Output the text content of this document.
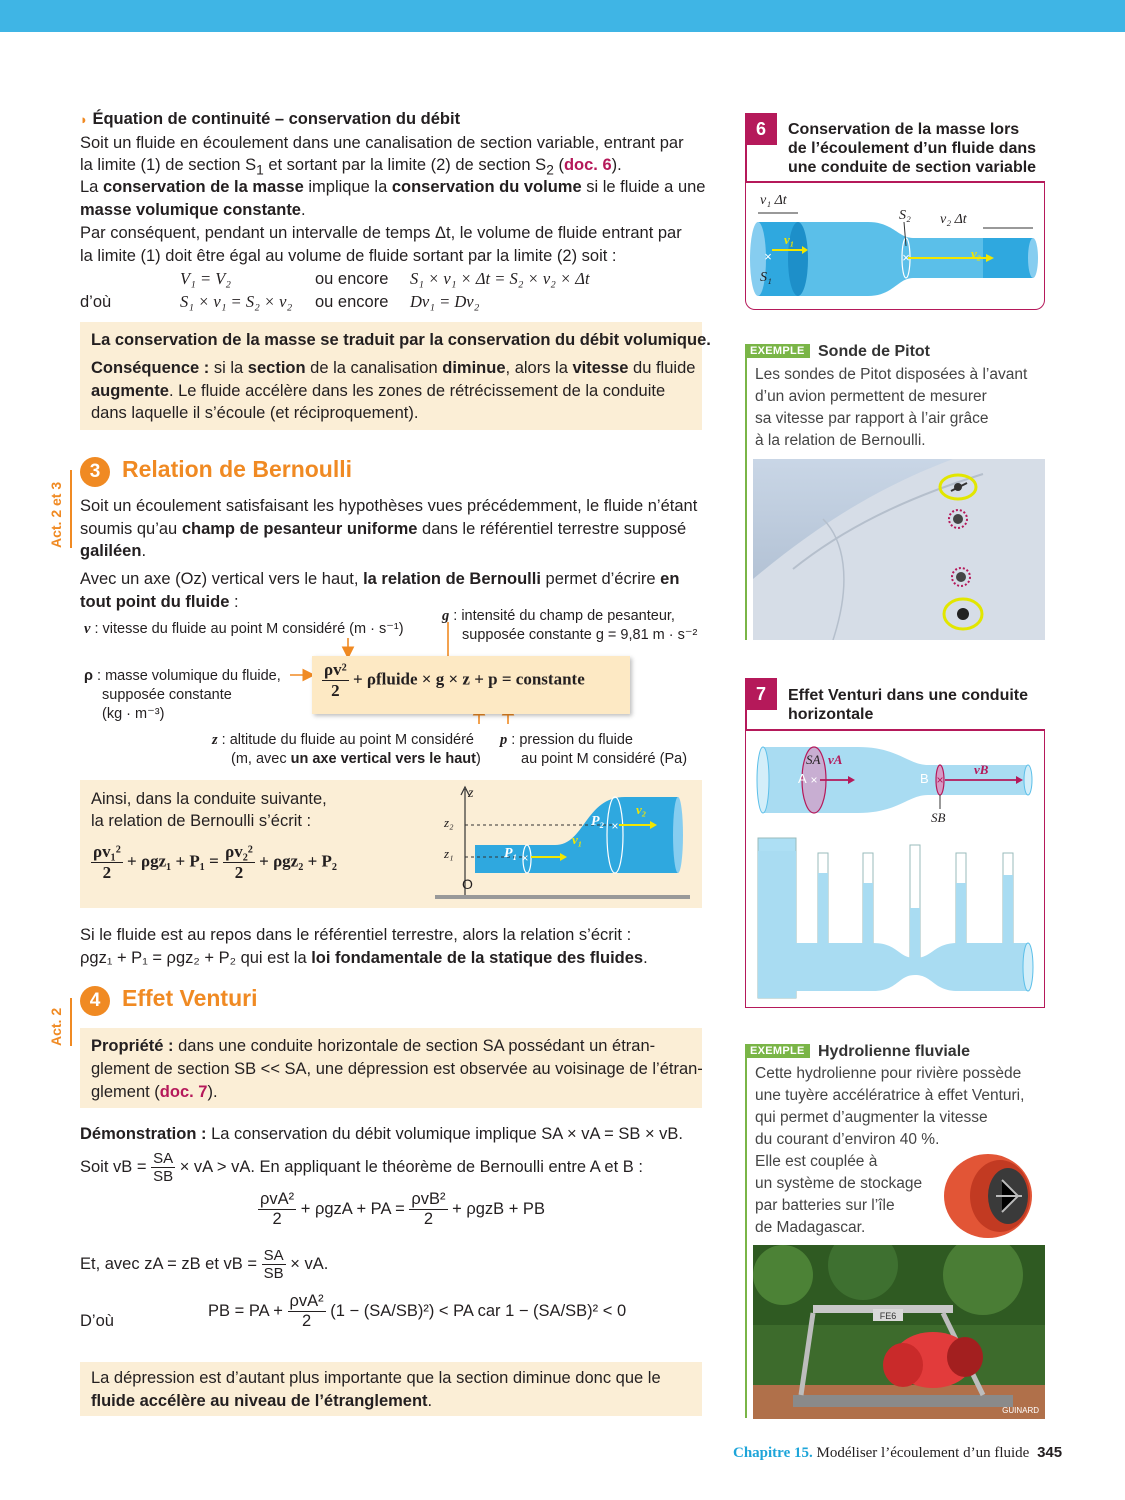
◗ Équation de continuité – conservation du débit
Soit un fluide en écoulement dans une canalisation de section variable, entrant par
la limite (1) de section $S_1$ et sortant par la limite (2) de section $S_2$ (doc. 6).
La conservation de la masse implique la conservation du volume si le fluide a une
masse volumique constante.
Par conséquent, pendant un intervalle de temps Δt, le volume de fluide entrant par
la limite (1) doit être égal au volume de fluide sortant par la limite (2) soit :
V₁ = V₂	ou encore S₁ × v₁ × Δt = S₂ × v₂ × Δt
d’où	S₁ × v₁ = S₂ × v₂ ou encore Dv₁ = Dv₂
La conservation de la masse se traduit par la conservation du débit volumique.
Conséquence : si la section de la canalisation diminue, alors la vitesse du fluide
augmente. Le fluide accélère dans les zones de rétrécissement de la conduite
dans laquelle il s’écoule (et réciproquement).
Act. 2 et 3
3 Relation de Bernoulli
Soit un écoulement satisfaisant les hypothèses vues précédemment, le fluide n’étant
soumis qu’au champ de pesanteur uniforme dans le référentiel terrestre supposé
galiléen.
Avec un axe (Oz) vertical vers le haut, la relation de Bernoulli permet d’écrire en
tout point du fluide :
v : vitesse du fluide au point M considéré (m · s⁻¹)
g : intensité du champ de pesanteur,
supposée constante g = 9,81 m · s⁻²
ρ : masse volumique du fluide,
supposée constante
(kg · m⁻³)
z : altitude du fluide au point M considéré
(m, avec un axe vertical vers le haut)
p : pression du fluide
au point M considéré (Pa)
$\frac{\text{ρv²}}{2}$ + ρfluide × g × z + p = constante
Ainsi, dans la conduite suivante,
la relation de Bernoulli s’écrit :
$\frac{\text{ρv₁²}}{2} + \rho gz_1 + P_1 = \frac{\text{ρv₂²}}{2} + \rho gz_2 + P_2$	×
×
z
z₂
z₁
O
P₁
P₂
v₁
v₂
Si le fluide est au repos dans le référentiel terrestre, alors la relation s’écrit :
ρgz₁ + P₁ = ρgz₂ + P₂ qui est la loi fondamentale de la statique des fluides.
Act. 2
4 Effet Venturi
Propriété : dans une conduite horizontale de section SA possédant un étran-
glement de section SB << SA, une dépression est observée au voisinage de l’étran-
glement (doc. 7).
Démonstration : La conservation du débit volumique implique SA × vA = SB × vB.
Soit vB = $\frac{SA}{SB}$ × vA > vA. En appliquant le théorème de Bernoulli entre A et B :
$\frac{\text{ρvA²}}{2} + \rho gzA$ + PA = $\frac{\text{ρvB²}}{2} + \rho gzB$ + PB
Et, avec zA = zB et vB = $\frac{SA}{SB}$ × vA.
D’où
PB = PA + $\frac{\text{ρvA²}}{2} (1 - (SA/SB)^2)$ < PA car 1 − (SA/SB)² < 0
La dépression est d’autant plus importante que la section diminue donc que le
fluide accélère au niveau de l’étranglement.
6	Conservation de la masse lors
de l’écoulement d’un fluide dans
une conduite de section variable
×	×
v₁ Δt
S₂ v₂ Δt
v₁
v₂
S₁
EXEMPLE Sonde de Pitot
Les sondes de Pitot disposées à l’avant
d’un avion permettent de mesurer
sa vitesse par rapport à l’air grâce
à la relation de Bernoulli.
7	Effet Venturi dans une conduite
horizontale
×	×
SA vA
A	B
vB
SB
EXEMPLE Hydrolienne fluviale
Cette hydrolienne pour rivière possède
une tuyère accélératrice à effet Venturi,
qui permet d’augmenter la vitesse
du courant d’environ 40 %.
Elle est couplée à
un système de stockage
par batteries sur l’île
de Madagascar.
FE6
GUINARD
Chapitre 15. Modéliser l’écoulement d’un fluide 345
